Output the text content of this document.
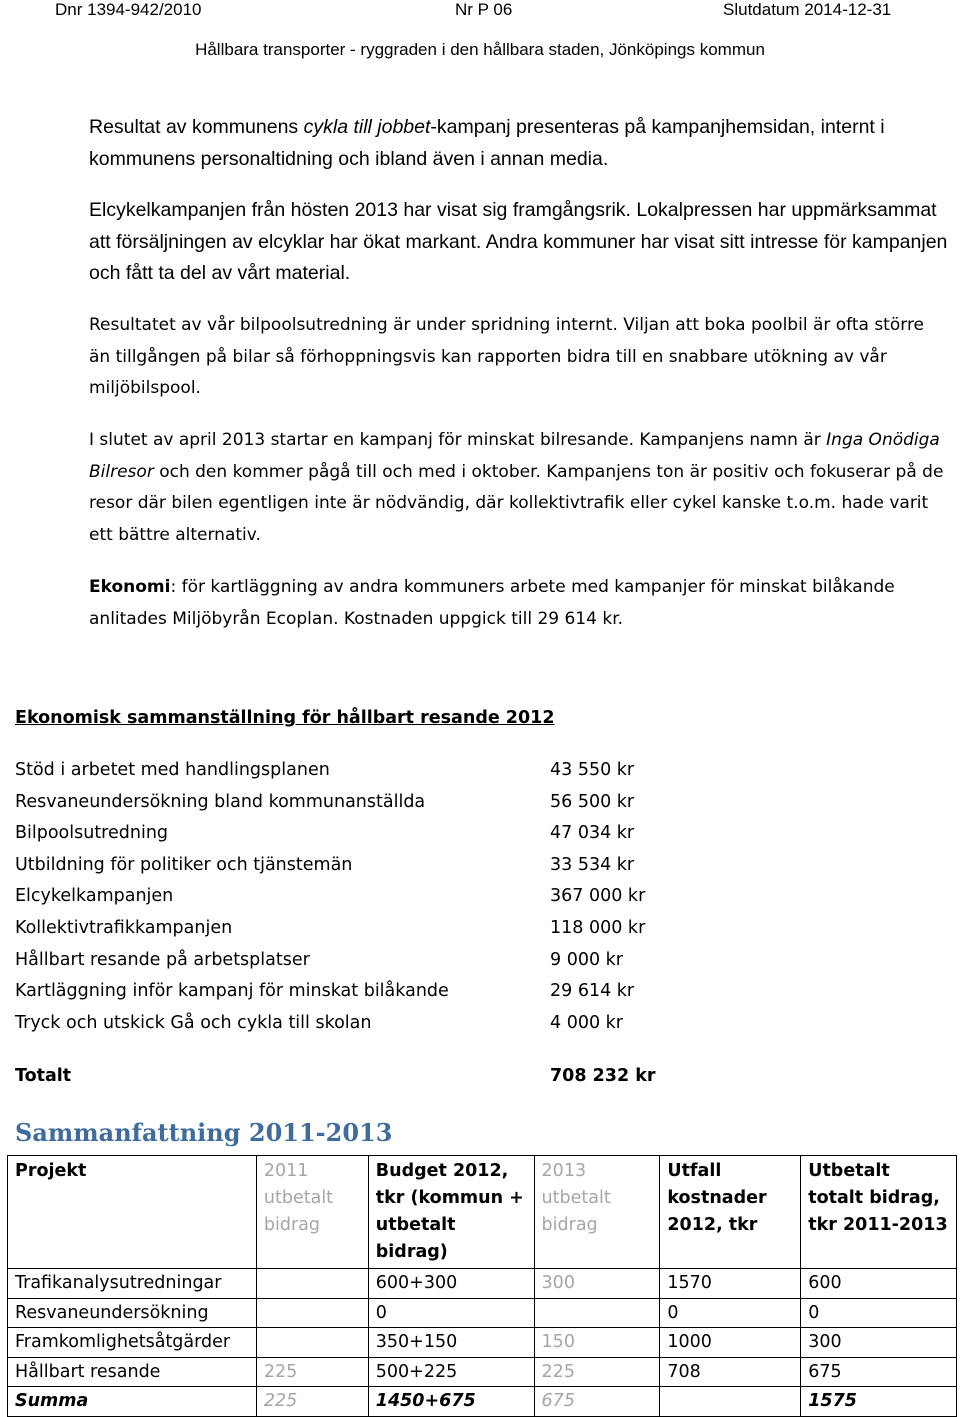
Dnr 1394-942/2010	Nr P 06	Slutdatum 2014-12-31
Hållbara transporter - ryggraden i den hållbara staden, Jönköpings kommun

Resultat av kommunens cykla till jobbet-kampanj presenteras på kampanjhemsidan, internt i kommunens personaltidning och ibland även i annan media.

Elcykelkampanjen från hösten 2013 har visat sig framgångsrik. Lokalpressen har uppmärksammat att försäljningen av elcyklar har ökat markant. Andra kommuner har visat sitt intresse för kampanjen och fått ta del av vårt material.

Resultatet av vår bilpoolsutredning är under spridning internt. Viljan att boka poolbil är ofta större än tillgången på bilar så förhoppningsvis kan rapporten bidra till en snabbare utökning av vår miljöbilspool.

I slutet av april 2013 startar en kampanj för minskat bilresande. Kampanjens namn är Inga Onödiga Bilresor och den kommer pågå till och med i oktober. Kampanjens ton är positiv och fokuserar på de resor där bilen egentligen inte är nödvändig, där kollektivtrafik eller cykel kanske t.o.m. hade varit ett bättre alternativ.

Ekonomi: för kartläggning av andra kommuners arbete med kampanjer för minskat bilåkande anlitades Miljöbyrån Ecoplan. Kostnaden uppgick till 29 614 kr.

Ekonomisk sammanställning för hållbart resande 2012
Stöd i arbetet med handlingsplanen	43 550 kr
Resvaneundersökning bland kommunanställda	56 500 kr
Bilpoolsutredning	47 034 kr
Utbildning för politiker och tjänstemän	33 534 kr
Elcykelkampanjen	367 000 kr
Kollektivtrafikkampanjen	118 000 kr
Hållbart resande på arbetsplatser	9 000 kr
Kartläggning inför kampanj för minskat bilåkande	29 614 kr
Tryck och utskick Gå och cykla till skolan	4 000 kr
Totalt	708 232 kr
Sammanfattning 2011-2013
Projekt	2011 utbetalt bidrag	Budget 2012, tkr (kommun + utbetalt bidrag)	2013 utbetalt bidrag	Utfall kostnader 2012, tkr	Utbetalt totalt bidrag, tkr 2011-2013
Trafikanalysutredningar		600+300	300	1570	600
Resvaneundersökning		0		0	0
Framkomlighetsåtgärder		350+150	150	1000	300
Hållbart resande	225	500+225	225	708	675
Summa	225	1450+675	675		1575
